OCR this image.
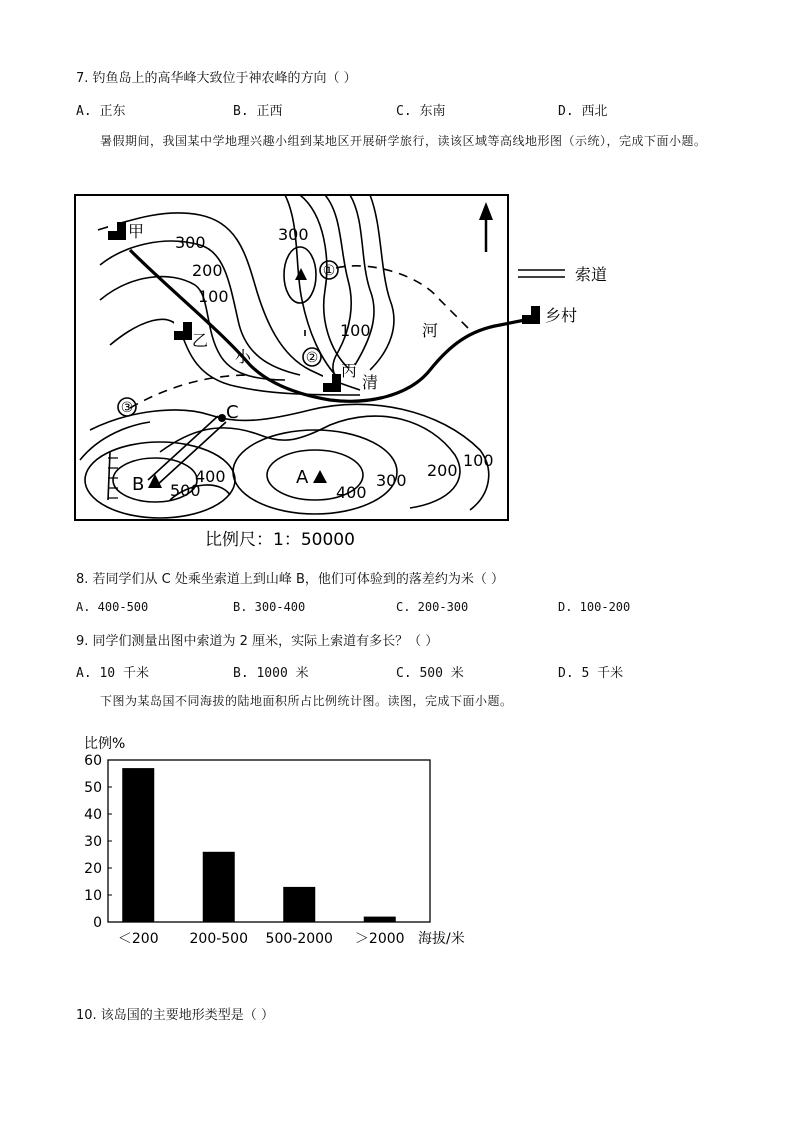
7. 钓鱼岛上的高华峰大致位于神农峰的方向（ ）
A. 正东	B. 正西	C. 东南	D. 西北
暑假期间，我国某中学地理兴趣小组到某地区开展研学旅行，读该区域等高线地形图（示统），完成下面小题。
甲
乙
丙
300	300
200
100
100
400
500	400
300
200
100
河
小
清
A
B
C
索道
乡村
比例尺：1：50000
①
②
③
8. 若同学们从 C 处乘坐索道上到山峰 B，他们可体验到的落差约为米（ ）
A. 400-500	B. 300-400	C. 200-300	D. 100-200
9. 同学们测量出图中索道为 2 厘米，实际上索道有多长？（ ）
A. 10 千米	B. 1000 米	C. 500 米	D. 5 千米
下图为某岛国不同海拔的陆地面积所占比例统计图。读图，完成下面小题。
比例%
0
10
20
30
40
50
60
＜200 200-500 500-2000 ＞2000 海拔/米
10. 该岛国的主要地形类型是（ ）
